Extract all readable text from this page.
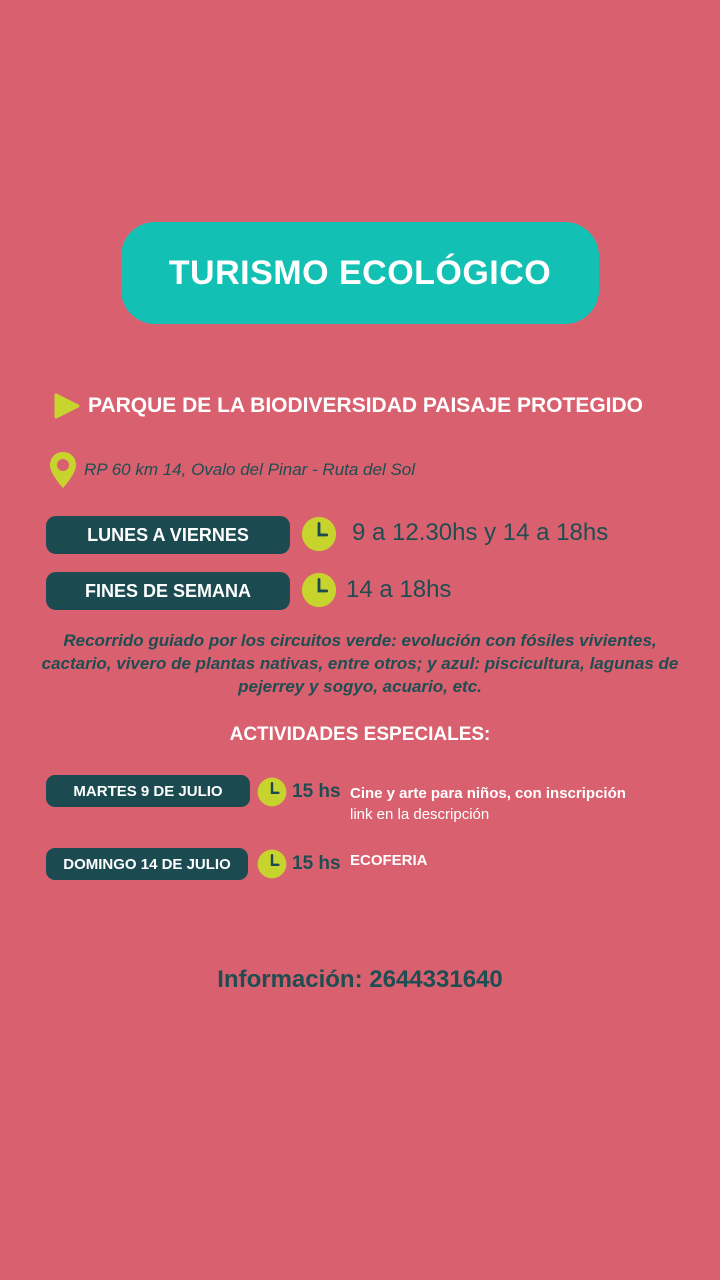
TURISMO ECOLÓGICO
PARQUE DE LA BIODIVERSIDAD PAISAJE PROTEGIDO
RP 60 km 14, Ovalo del Pinar - Ruta del Sol
LUNES A VIERNES	9 a 12.30hs y 14 a 18hs
FINES DE SEMANA	14 a 18hs
Recorrido guiado por los circuitos verde: evolución con fósiles vivientes, cactario, vivero de plantas nativas, entre otros; y azul: piscicultura, lagunas de pejerrey y sogyo, acuario, etc.
ACTIVIDADES ESPECIALES:
MARTES 9 DE JULIO	15 hs Cine y arte para niños, con inscripción
link en la descripción
DOMINGO 14 DE JULIO	15 hs ECOFERIA
Información: 2644331640
